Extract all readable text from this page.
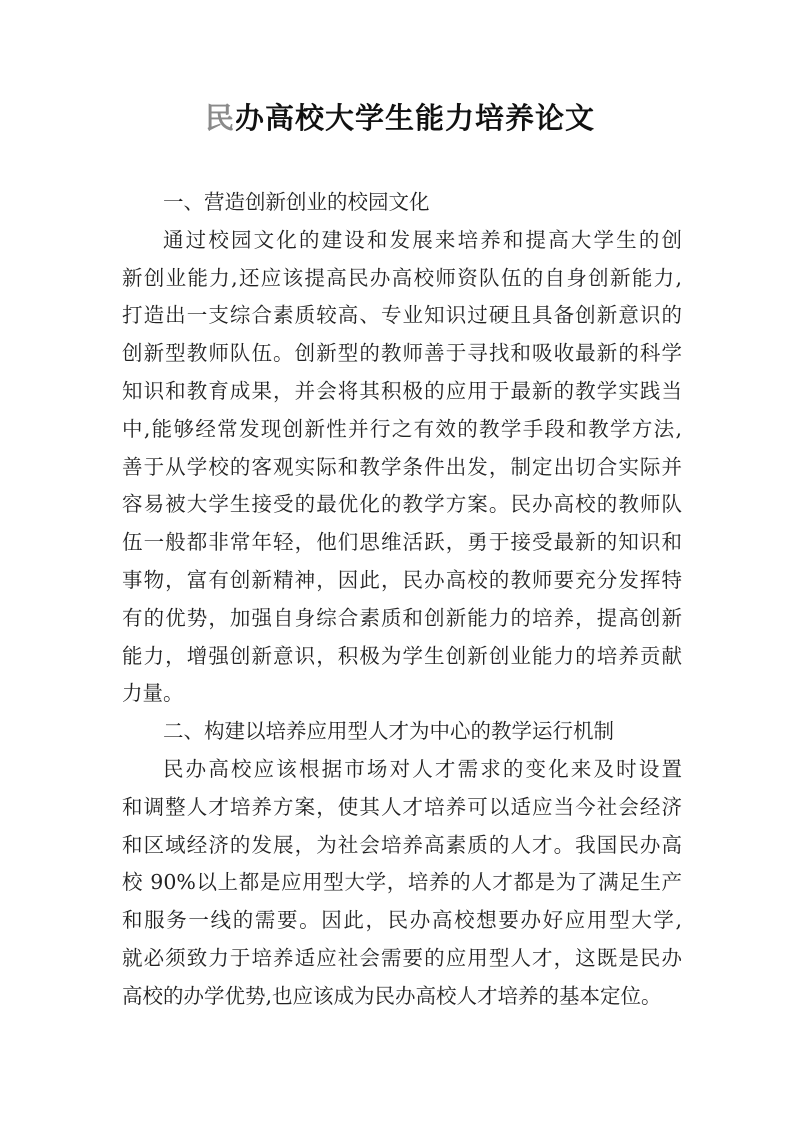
民办高校大学生能力培养论文
一、营造创新创业的校园文化
通过校园文化的建设和发展来培养和提高大学生的创
新创业能力,还应该提高民办高校师资队伍的自身创新能力,
打造出一支综合素质较高、专业知识过硬且具备创新意识的
创新型教师队伍。创新型的教师善于寻找和吸收最新的科学
知识和教育成果，并会将其积极的应用于最新的教学实践当
中,能够经常发现创新性并行之有效的教学手段和教学方法,
善于从学校的客观实际和教学条件出发，制定出切合实际并
容易被大学生接受的最优化的教学方案。民办高校的教师队
伍一般都非常年轻，他们思维活跃，勇于接受最新的知识和
事物，富有创新精神，因此，民办高校的教师要充分发挥特
有的优势，加强自身综合素质和创新能力的培养，提高创新
能力，增强创新意识，积极为学生创新创业能力的培养贡献
力量。
二、构建以培养应用型人才为中心的教学运行机制
民办高校应该根据市场对人才需求的变化来及时设置
和调整人才培养方案，使其人才培养可以适应当今社会经济
和区域经济的发展，为社会培养高素质的人才。我国民办高
校 90%以上都是应用型大学，培养的人才都是为了满足生产
和服务一线的需要。因此，民办高校想要办好应用型大学,
就必须致力于培养适应社会需要的应用型人才，这既是民办
高校的办学优势,也应该成为民办高校人才培养的基本定位。
